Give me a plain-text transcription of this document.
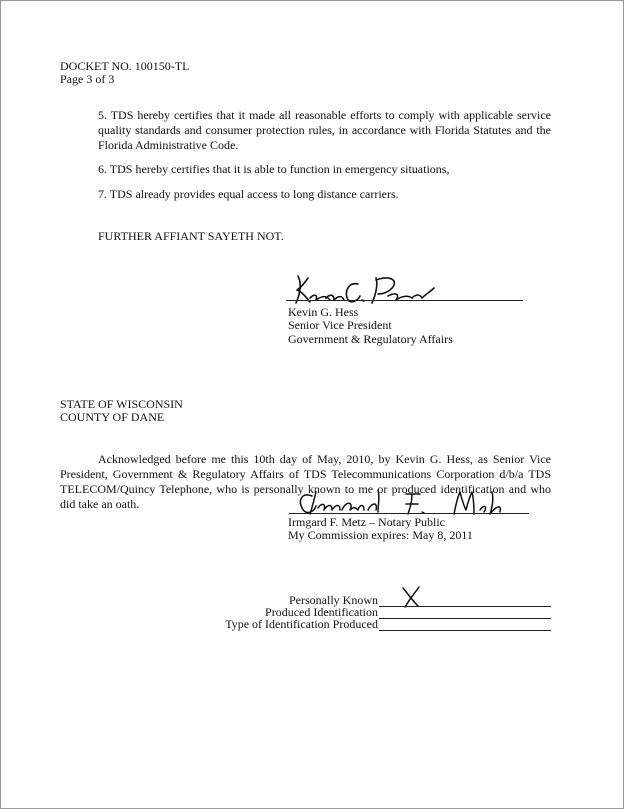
DOCKET NO. 100150-TL
Page 3 of 3
5. TDS hereby certifies that it made all reasonable efforts to comply with applicable service quality standards and consumer protection rules, in accordance with Florida Statutes and the Florida Administrative Code.
6. TDS hereby certifies that it is able to function in emergency situations,
7. TDS already provides equal access to long distance carriers.
FURTHER AFFIANT SAYETH NOT.
Kevin G. Hess
Senior Vice President
Government & Regulatory Affairs
STATE OF WISCONSIN
COUNTY OF DANE
Acknowledged before me this 10th day of May, 2010, by Kevin G. Hess, as Senior Vice President, Government & Regulatory Affairs of TDS Telecommunications Corporation d/b/a TDS TELECOM/Quincy Telephone, who is personally known to me or produced identification and who did take an oath.
Irmgard F. Metz – Notary Public
My Commission expires: May 8, 2011
Personally Known
Produced Identification
Type of Identification Produced
